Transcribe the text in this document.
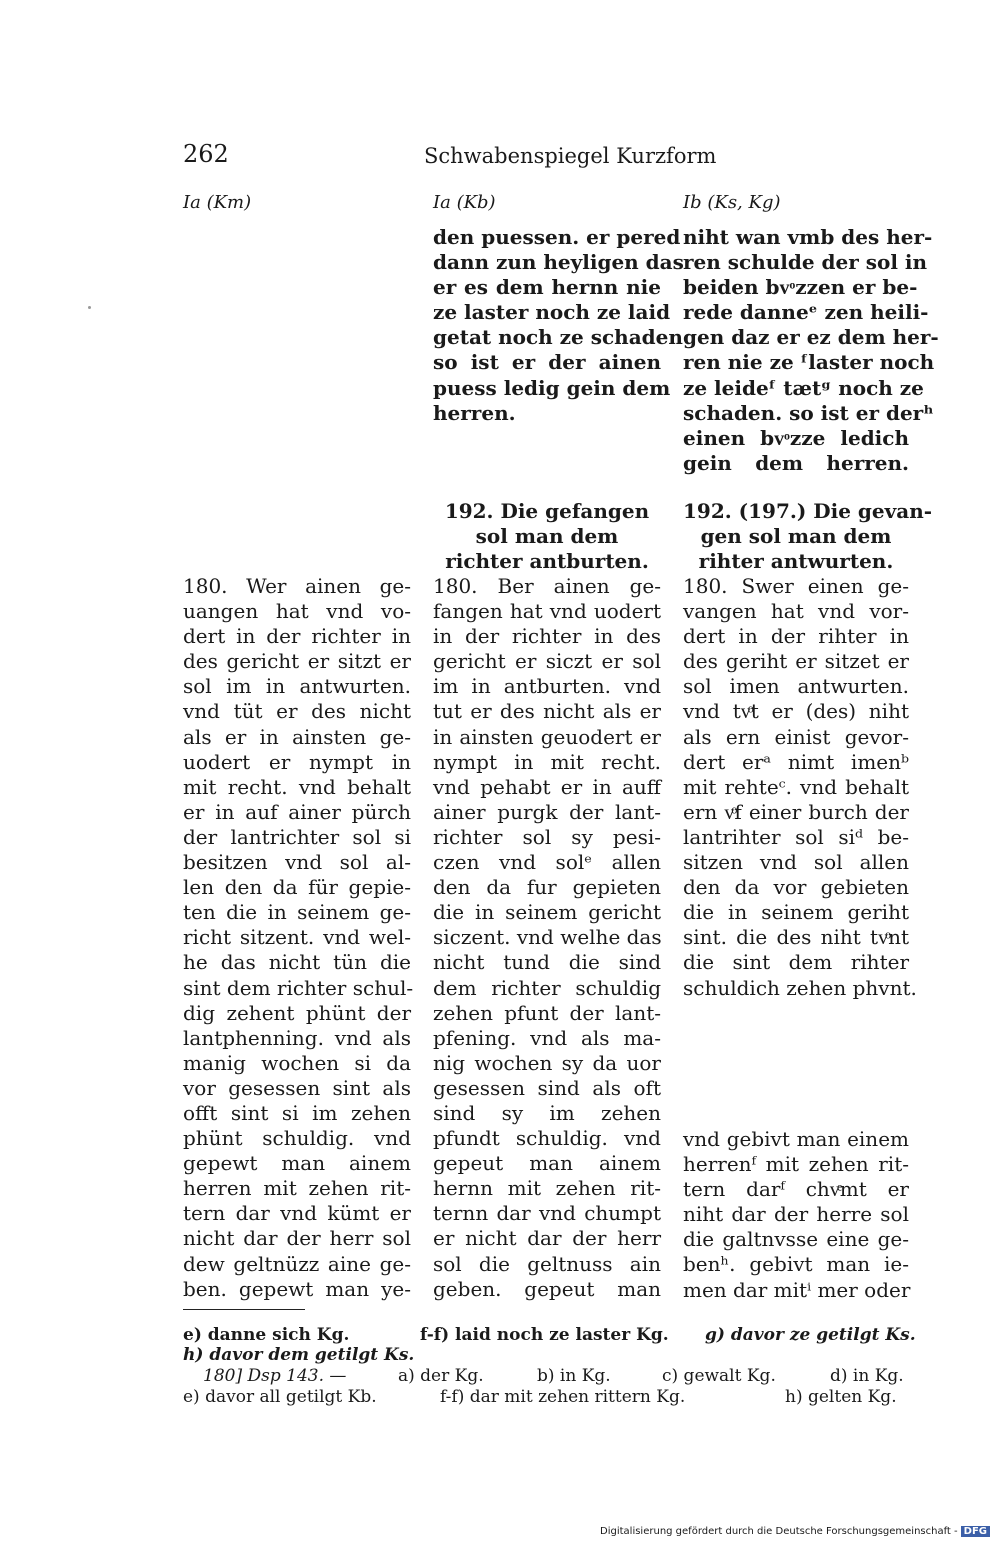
262	Schwabenspiegel Kurzform
Ia (Km)	Ia (Kb)	Ib (Ks, Kg)
180. Wer ainen ge-
uangen hat vnd vo-
dert in der richter in
des gericht er sitzt er
sol im in antwurten.
vnd tüt er des nicht
als er in ainsten ge-
uodert er nympt in
mit recht. vnd behalt
er in auf ainer pürch
der lantrichter sol si
besitzen vnd sol al-
len den da für gepie-
ten die in seinem ge-
richt sitzent. vnd wel-
he das nicht tün die
sint dem richter schul-
dig zehent phünt der
lantphenning. vnd als
manig wochen si da
vor gesessen sint als
offt sint si im zehen
phünt schuldig. vnd
gepewt man ainem
herren mit zehen rit-
tern dar vnd kümt er
nicht dar der herr sol
dew geltnüzz aine ge-
ben. gepewt man ye-
den puessen. er pered
dann zun heyligen das
er es dem hernn nie
ze laster noch ze laid
getat noch ze schaden
so ist er der ainen
puess ledig gein dem
herren.
192. Die gefangen
sol man dem
richter antburten.
180. Ber ainen ge-
fangen hat vnd uodert
in der richter in des
gericht er siczt er sol
im in antburten. vnd
tut er des nicht als er
in ainsten geuodert er
nympt in mit recht.
vnd pehabt er in auff
ainer purgk der lant-
richter sol sy pesi-
czen vnd solᵉ allen
den da fur gepieten
die in seinem gericht
siczent. vnd welhe das
nicht tund die sind
dem richter schuldig
zehen pfunt der lant-
pfening. vnd als ma-
nig wochen sy da uor
gesessen sind als oft
sind sy im zehen
pfundt schuldig. vnd
gepeut man ainem
hernn mit zehen rit-
ternn dar vnd chumpt
er nicht dar der herr
sol die geltnuss ain
geben. gepeut man
niht wan vmb des her-
ren schulde der sol in
beiden bvͦzzen er be-
rede danneᵉ zen heili-
gen daz er ez dem her-
ren nie ze ᶠlaster noch
ze leideᶠ tætᵍ noch ze
schaden. so ist er derʰ
einen bvͦzze ledich
gein dem herren.
192. (197.) Die gevan-
gen sol man dem
rihter antwurten.
180. Swer einen ge-
vangen hat vnd vor-
dert in der rihter in
des geriht er sitzet er
sol imen antwurten.
vnd tvͦt er (des) niht
als ern einist gevor-
dert erᵃ nimt imenᵇ
mit rehteᶜ. vnd behalt
ern vͦf einer burch der
lantrihter sol siᵈ be-
sitzen vnd sol allen
den da vor gebieten
die in seinem geriht
sint. die des niht tvͦnt
die sint dem rihter
schuldich zehen phvnt.
vnd gebivt man einem
herrenᶠ mit zehen rit-
tern darᶠ chvͤmt er
niht dar der herre sol
die galtnvsse eine ge-
benʰ. gebivt man ie-
men dar mitⁱ mer oder
e) danne sich Kg.	f-f) laid noch ze laster Kg. g) davor ze getilgt Ks.
h) davor dem getilgt Ks.
180] Dsp 143. —	a) der Kg.	b) in Kg.	c) gewalt Kg.	d) in Kg.
e) davor all getilgt Kb.	f-f) dar mit zehen rittern Kg.	h) gelten Kg.
Digitalisierung gefördert durch die Deutsche Forschungsgemeinschaft - DFG
